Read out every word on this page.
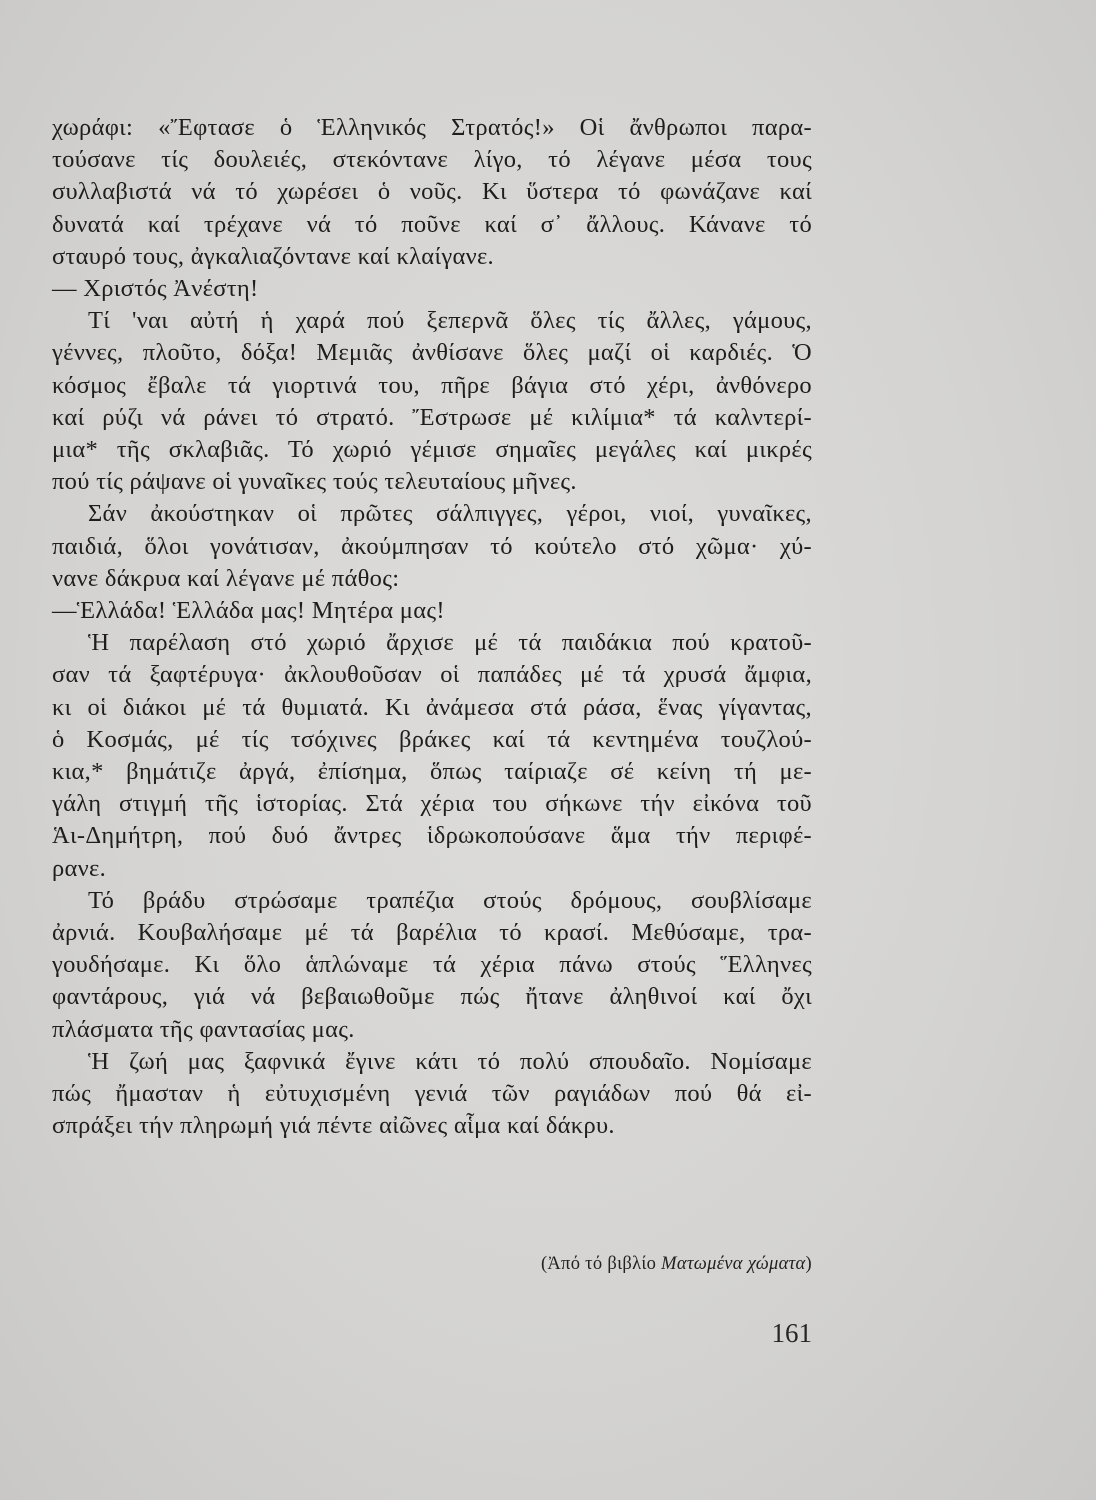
χωράφι: «Ἔφτασε ὁ Ἑλληνικός Στρατός!» Οἱ ἄνθρωποι παρα-
τούσανε τίς δουλειές, στεκόντανε λίγο, τό λέγανε μέσα τους
συλλαβιστά νά τό χωρέσει ὁ νοῦς. Κι ὕστερα τό φωνάζανε καί
δυνατά καί τρέχανε νά τό ποῦνε καί σ᾽ ἄλλους. Κάνανε τό
σταυρό τους, ἀγκαλιαζόντανε καί κλαίγανε.

— Χριστός Ἀνέστη!

Τί 'ναι αὐτή ἡ χαρά πού ξεπερνᾶ ὅλες τίς ἄλλες, γάμους,
γέννες, πλοῦτο, δόξα! Μεμιᾶς ἀνθίσανε ὅλες μαζί οἱ καρδιές. Ὁ
κόσμος ἔβαλε τά γιορτινά του, πῆρε βάγια στό χέρι, ἀνθόνερο
καί ρύζι νά ράνει τό στρατό. Ἔστρωσε μέ κιλίμια* τά καλντερί-
μια* τῆς σκλαβιᾶς. Τό χωριό γέμισε σημαῖες μεγάλες καί μικρές
πού τίς ράψανε οἱ γυναῖκες τούς τελευταίους μῆνες.

Σάν ἀκούστηκαν οἱ πρῶτες σάλπιγγες, γέροι, νιοί, γυναῖκες,
παιδιά, ὅλοι γονάτισαν, ἀκούμπησαν τό κούτελο στό χῶμα· χύ-
νανε δάκρυα καί λέγανε μέ πάθος:

—Ἑλλάδα! Ἑλλάδα μας! Μητέρα μας!

Ἡ παρέλαση στό χωριό ἄρχισε μέ τά παιδάκια πού κρατοῦ-
σαν τά ξαφτέρυγα· ἀκλουθοῦσαν οἱ παπάδες μέ τά χρυσά ἄμφια,
κι οἱ διάκοι μέ τά θυμιατά. Κι ἀνάμεσα στά ράσα, ἕνας γίγαντας,
ὁ Κοσμάς, μέ τίς τσόχινες βράκες καί τά κεντημένα τουζλού-
κια,* βημάτιζε ἀργά, ἐπίσημα, ὅπως ταίριαζε σέ κείνη τή με-
γάλη στιγμή τῆς ἱστορίας. Στά χέρια του σήκωνε τήν εἰκόνα τοῦ
Ἁι-Δημήτρη, πού δυό ἄντρες ἱδρωκοπούσανε ἅμα τήν περιφέ-
ρανε.

Τό βράδυ στρώσαμε τραπέζια στούς δρόμους, σουβλίσαμε
ἀρνιά. Κουβαλήσαμε μέ τά βαρέλια τό κρασί. Μεθύσαμε, τρα-
γουδήσαμε. Κι ὅλο ἁπλώναμε τά χέρια πάνω στούς Ἕλληνες
φαντάρους, γιά νά βεβαιωθοῦμε πώς ἤτανε ἀληθινοί καί ὄχι
πλάσματα τῆς φαντασίας μας.

Ἡ ζωή μας ξαφνικά ἔγινε κάτι τό πολύ σπουδαῖο. Νομίσαμε
πώς ἤμασταν ἡ εὐτυχισμένη γενιά τῶν ραγιάδων πού θά εἰ-
σπράξει τήν πληρωμή γιά πέντε αἰῶνες αἷμα καί δάκρυ.

(Ἀπό τό βιβλίο Ματωμένα χώματα)
161
